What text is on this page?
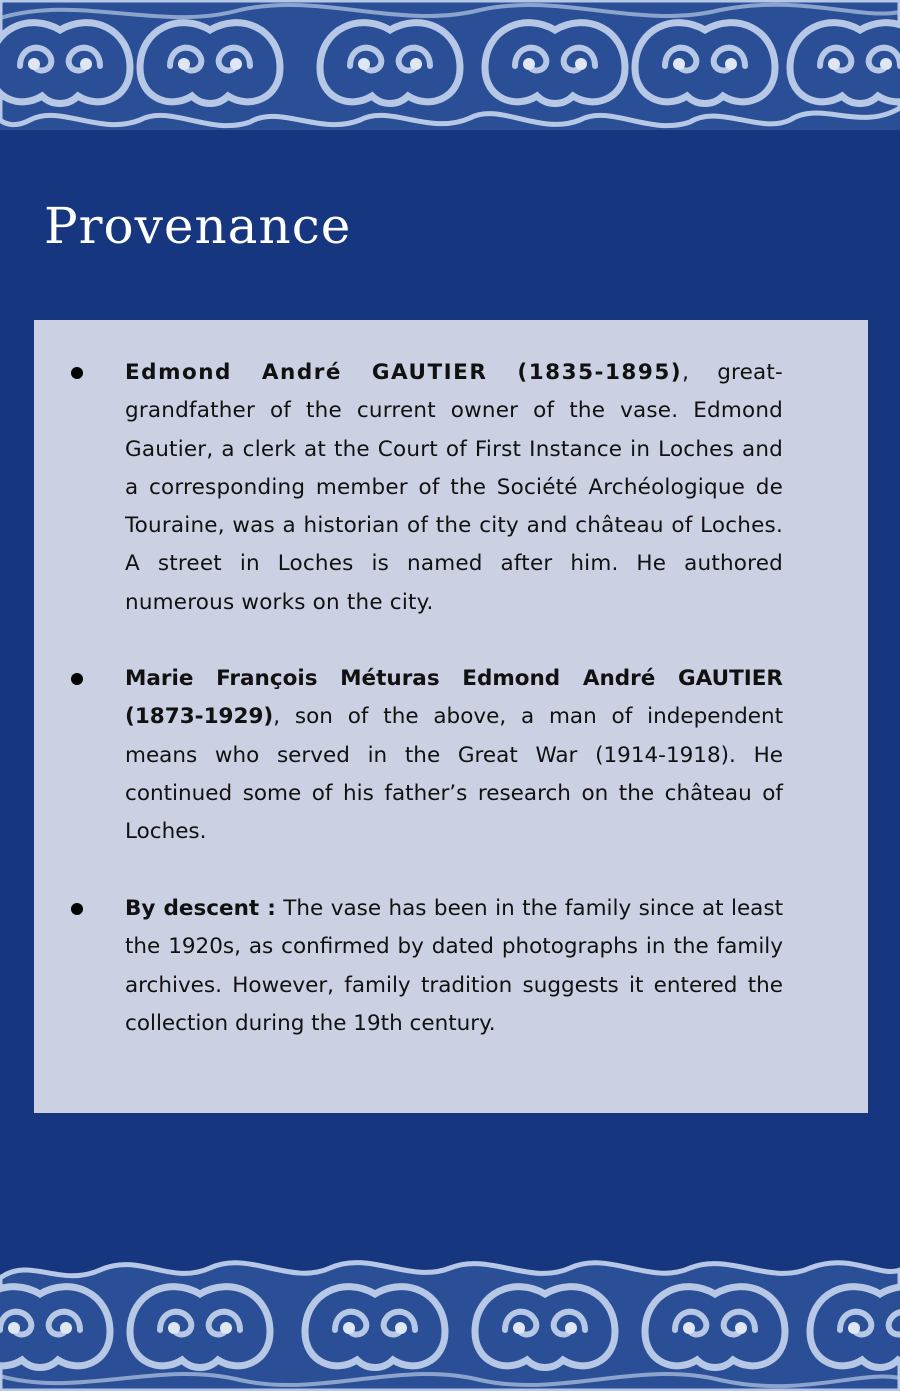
Provenance
Edmond André GAUTIER (1835-1895), great-grandfather of the current owner of the vase. Edmond Gautier, a clerk at the Court of First Instance in Loches and a corresponding member of the Société Archéologique de Touraine, was a historian of the city and château of Loches. A street in Loches is named after him. He authored numerous works on the city.
Marie François Méturas Edmond André GAUTIER (1873-1929), son of the above, a man of independent means who served in the Great War (1914-1918). He continued some of his father’s research on the château of Loches.
By descent : The vase has been in the family since at least the 1920s, as confirmed by dated photographs in the family archives. However, family tradition suggests it entered the collection during the 19th century.
